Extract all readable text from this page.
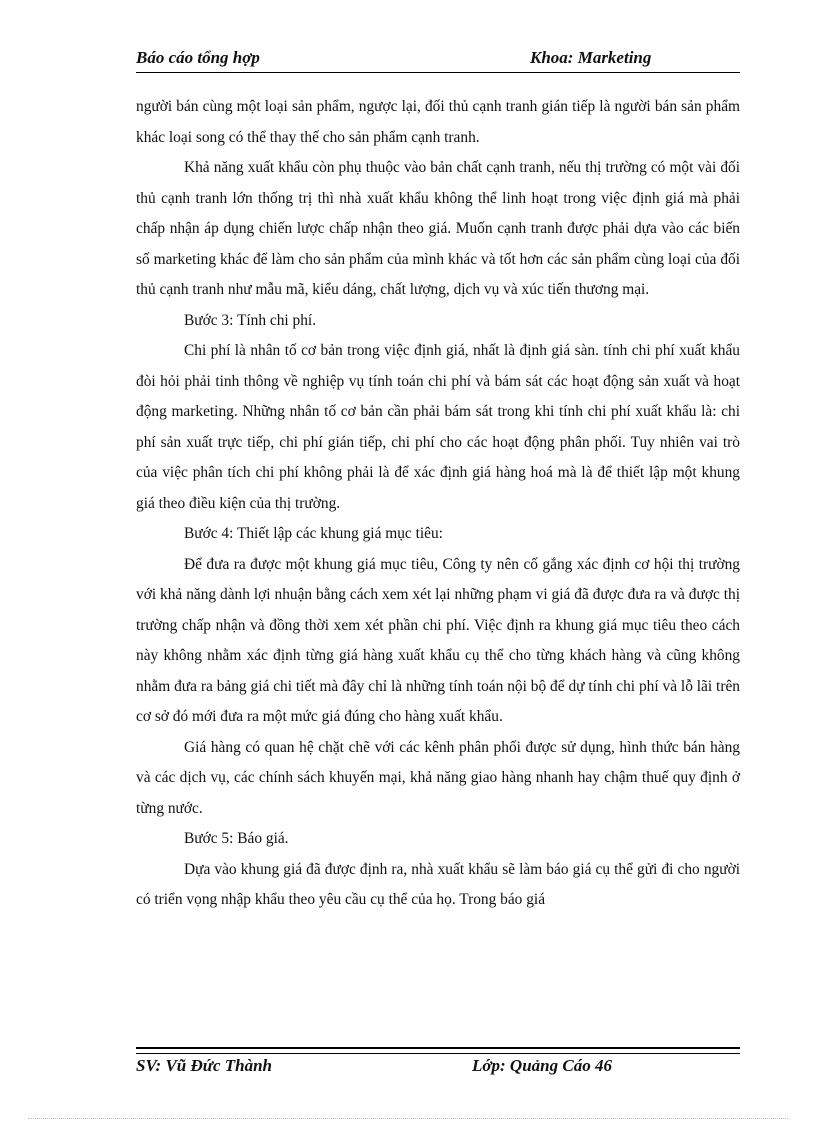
Báo cáo tổng hợp	Khoa: Marketing

người bán cùng một loại sản phẩm, ngược lại, đối thủ cạnh tranh gián tiếp là người bán sản phẩm khác loại song có thể thay thế cho sản phẩm cạnh tranh.

Khả năng xuất khẩu còn phụ thuộc vào bản chất cạnh tranh, nếu thị trường có một vài đối thủ cạnh tranh lớn thống trị thì nhà xuất khẩu không thể linh hoạt trong việc định giá mà phải chấp nhận áp dụng chiến lược chấp nhận theo giá. Muốn cạnh tranh được phải dựa vào các biến số marketing khác để làm cho sản phẩm của mình khác và tốt hơn các sản phẩm cùng loại của đối thủ cạnh tranh như mẫu mã, kiểu dáng, chất lượng, dịch vụ và xúc tiến thương mại.

Bước 3: Tính chi phí.

Chi phí là nhân tố cơ bản trong việc định giá, nhất là định giá sàn. tính chi phí xuất khẩu đòi hỏi phải tinh thông về nghiệp vụ tính toán chi phí và bám sát các hoạt động sản xuất và hoạt động marketing. Những nhân tố cơ bản cần phải bám sát trong khi tính chi phí xuất khẩu là: chi phí sản xuất trực tiếp, chi phí gián tiếp, chi phí cho các hoạt động phân phối. Tuy nhiên vai trò của việc phân tích chi phí không phải là để xác định giá hàng hoá mà là để thiết lập một khung giá theo điều kiện của thị trường.

Bước 4: Thiết lập các khung giá mục tiêu:

Để đưa ra được một khung giá mục tiêu, Công ty nên cố gắng xác định cơ hội thị trường với khả năng dành lợi nhuận bằng cách xem xét lại những phạm vi giá đã được đưa ra và được thị trường chấp nhận và đồng thời xem xét phần chi phí. Việc định ra khung giá mục tiêu theo cách này không nhằm xác định từng giá hàng xuất khẩu cụ thể cho từng khách hàng và cũng không nhằm đưa ra bảng giá chi tiết mà đây chỉ là những tính toán nội bộ để dự tính chi phí và lỗ lãi trên cơ sở đó mới đưa ra một mức giá đúng cho hàng xuất khẩu.

Giá hàng có quan hệ chặt chẽ với các kênh phân phối được sử dụng, hình thức bán hàng và các dịch vụ, các chính sách khuyến mại, khả năng giao hàng nhanh hay chậm thuế quy định ở từng nước.

Bước 5: Báo giá.

Dựa vào khung giá đã được định ra, nhà xuất khẩu sẽ làm báo giá cụ thể gửi đi cho người có triển vọng nhập khẩu theo yêu cầu cụ thể của họ. Trong báo giá

SV: Vũ Đức Thành	Lớp: Quảng Cáo 46
